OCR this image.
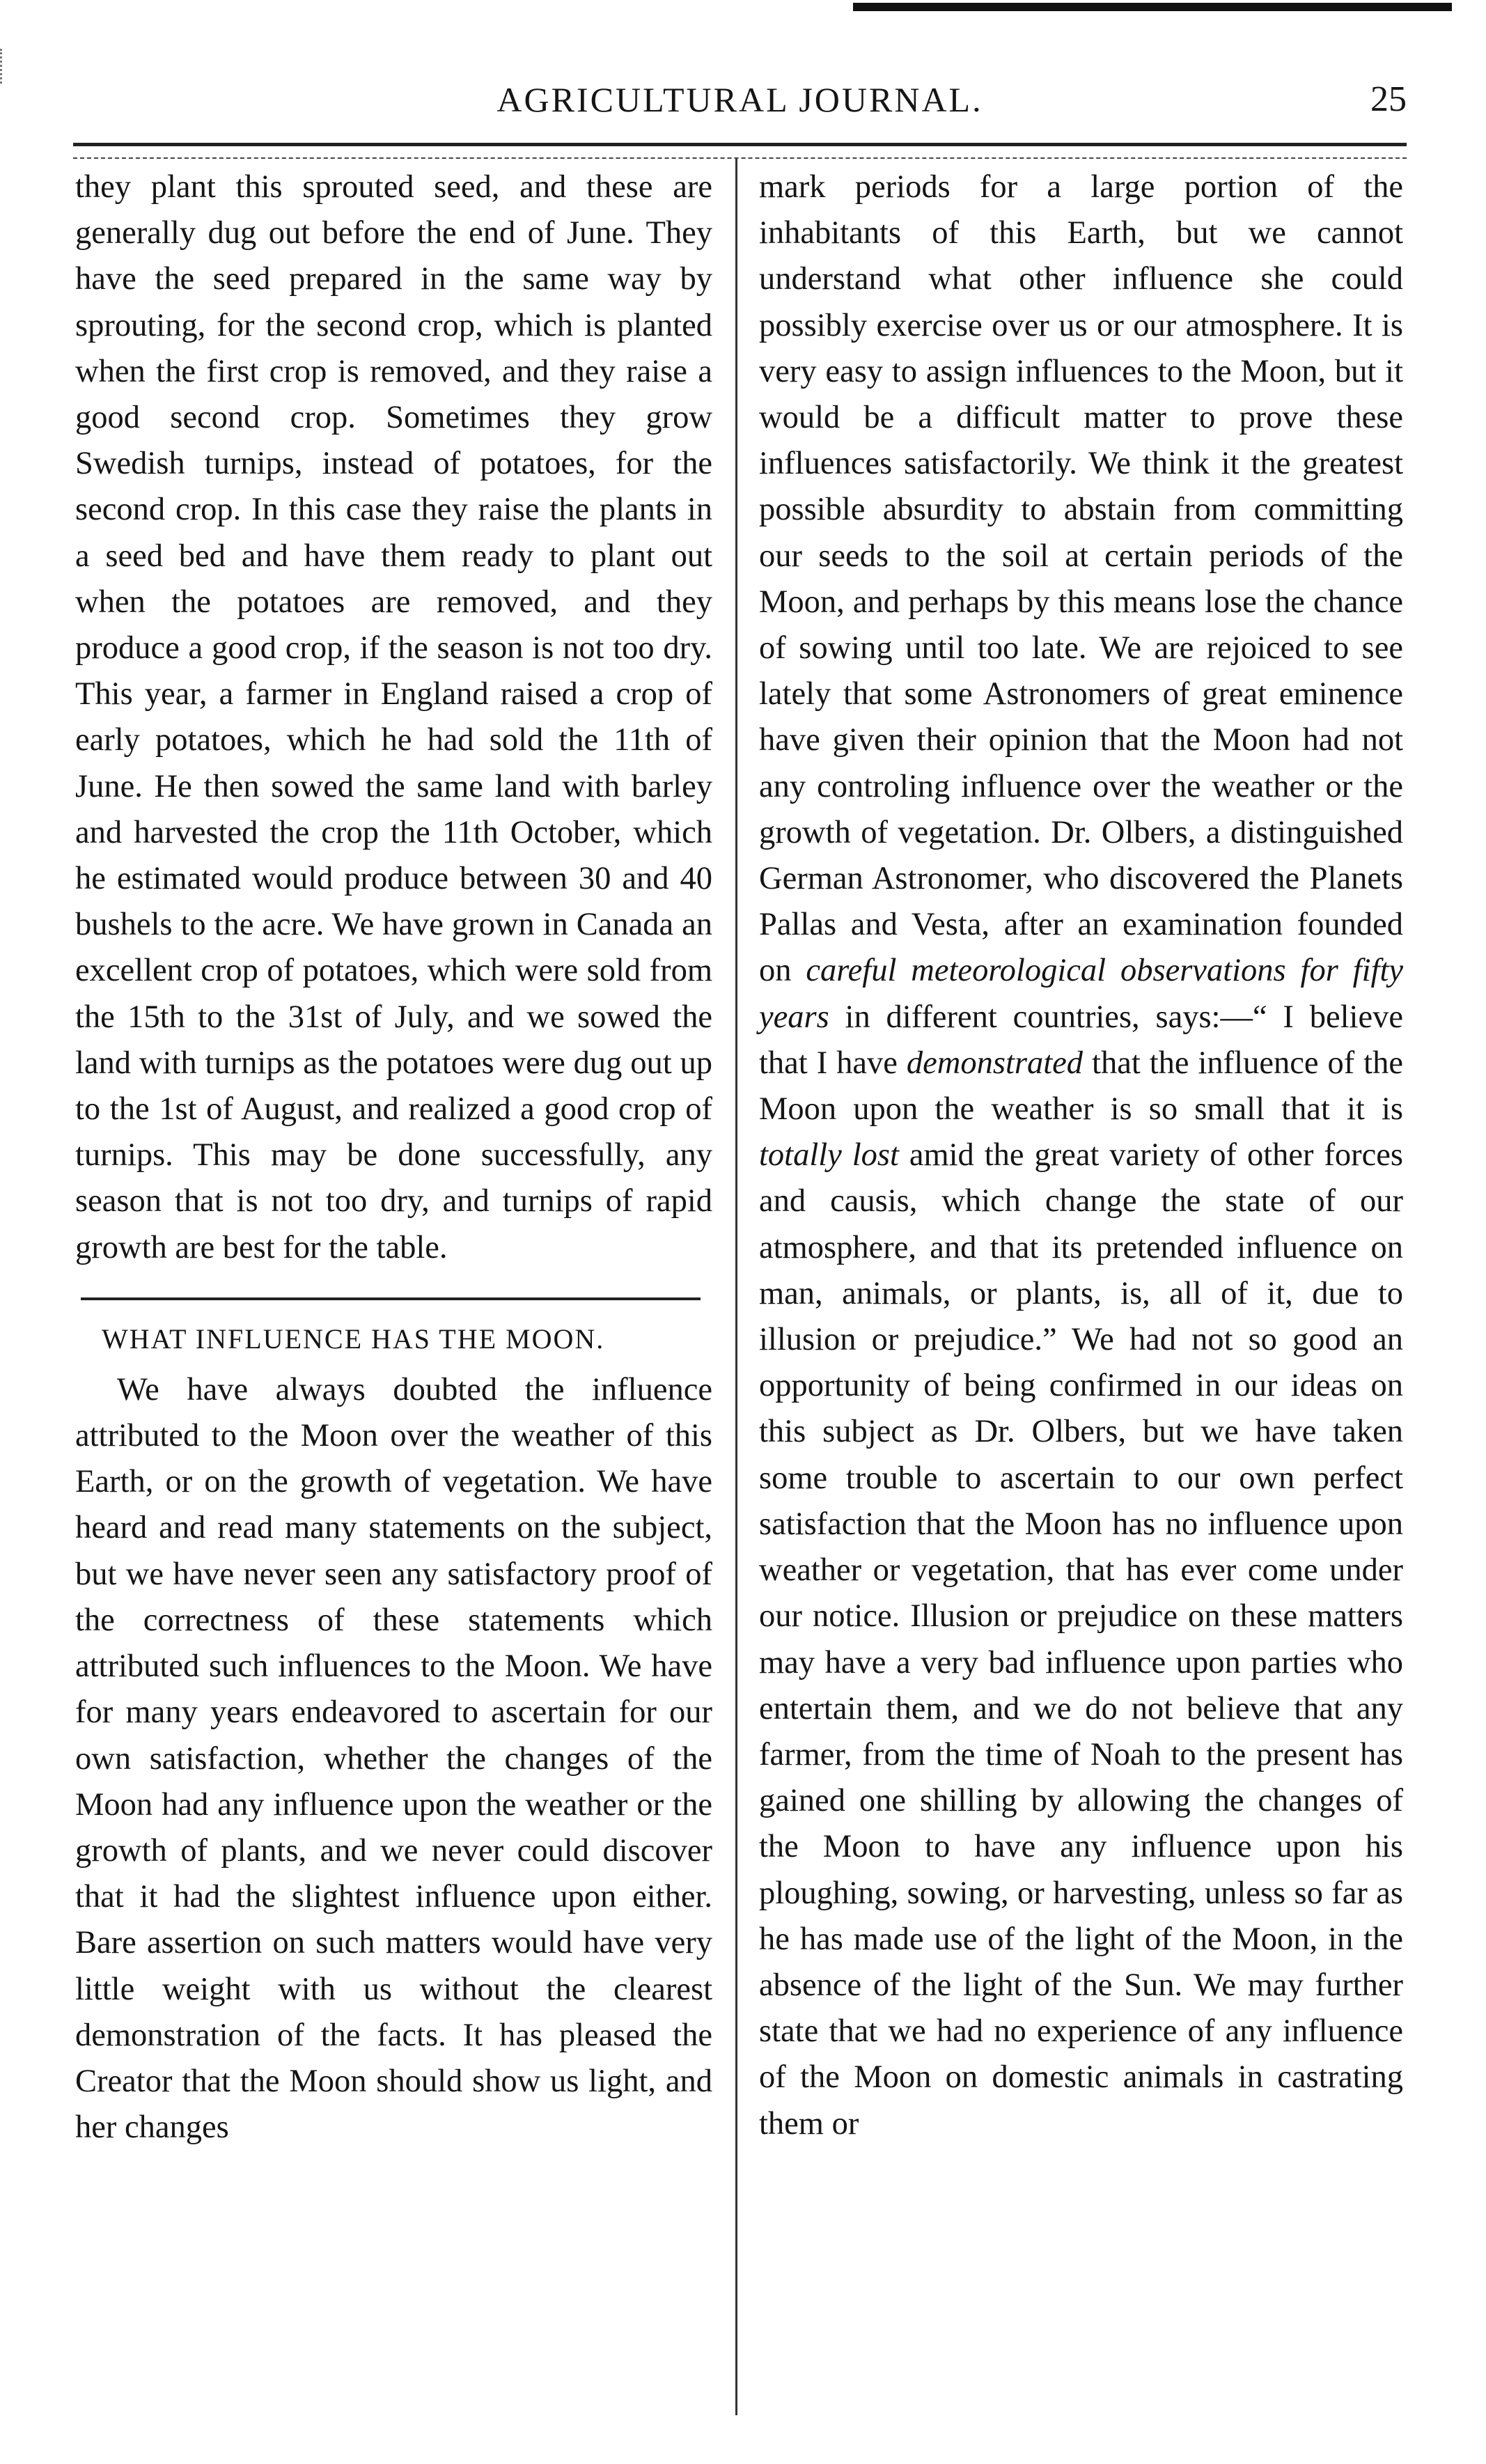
AGRICULTURAL JOURNAL.	25

they plant this sprouted seed, and these are generally dug out before the end of June. They have the seed prepared in the same way by sprouting, for the second crop, which is planted when the first crop is removed, and they raise a good second crop. Sometimes they grow Swedish turnips, instead of potatoes, for the second crop. In this case they raise the plants in a seed bed and have them ready to plant out when the potatoes are removed, and they produce a good crop, if the season is not too dry. This year, a farmer in England raised a crop of early potatoes, which he had sold the 11th of June. He then sowed the same land with barley and harvested the crop the 11th October, which he estimated would produce between 30 and 40 bushels to the acre. We have grown in Canada an excellent crop of potatoes, which were sold from the 15th to the 31st of July, and we sowed the land with turnips as the potatoes were dug out up to the 1st of August, and realized a good crop of turnips. This may be done successfully, any season that is not too dry, and turnips of rapid growth are best for the table.

WHAT INFLUENCE HAS THE MOON.

We have always doubted the influence attributed to the Moon over the weather of this Earth, or on the growth of vegetation. We have heard and read many statements on the subject, but we have never seen any satisfactory proof of the correctness of these statements which attributed such influences to the Moon. We have for many years endeavored to ascertain for our own satisfaction, whether the changes of the Moon had any influence upon the weather or the growth of plants, and we never could discover that it had the slightest influence upon either. Bare assertion on such matters would have very little weight with us without the clearest demonstration of the facts. It has pleased the Creator that the Moon should show us light, and her changes

mark periods for a large portion of the inhabitants of this Earth, but we cannot understand what other influence she could possibly exercise over us or our atmosphere. It is very easy to assign influences to the Moon, but it would be a difficult matter to prove these influences satisfactorily. We think it the greatest possible absurdity to abstain from committing our seeds to the soil at certain periods of the Moon, and perhaps by this means lose the chance of sowing until too late. We are rejoiced to see lately that some Astronomers of great eminence have given their opinion that the Moon had not any controling influence over the weather or the growth of vegetation. Dr. Olbers, a distinguished German Astronomer, who discovered the Planets Pallas and Vesta, after an examination founded on careful meteorological observations for fifty years in different countries, says:—“ I believe that I have demonstrated that the influence of the Moon upon the weather is so small that it is totally lost amid the great variety of other forces and causis, which change the state of our atmosphere, and that its pretended influence on man, animals, or plants, is, all of it, due to illusion or prejudice.” We had not so good an opportunity of being confirmed in our ideas on this subject as Dr. Olbers, but we have taken some trouble to ascertain to our own perfect satisfaction that the Moon has no influence upon weather or vegetation, that has ever come under our notice. Illusion or prejudice on these matters may have a very bad influence upon parties who entertain them, and we do not believe that any farmer, from the time of Noah to the present has gained one shilling by allowing the changes of the Moon to have any influence upon his ploughing, sowing, or harvesting, unless so far as he has made use of the light of the Moon, in the absence of the light of the Sun. We may further state that we had no experience of any influence of the Moon on domestic animals in castrating them or
